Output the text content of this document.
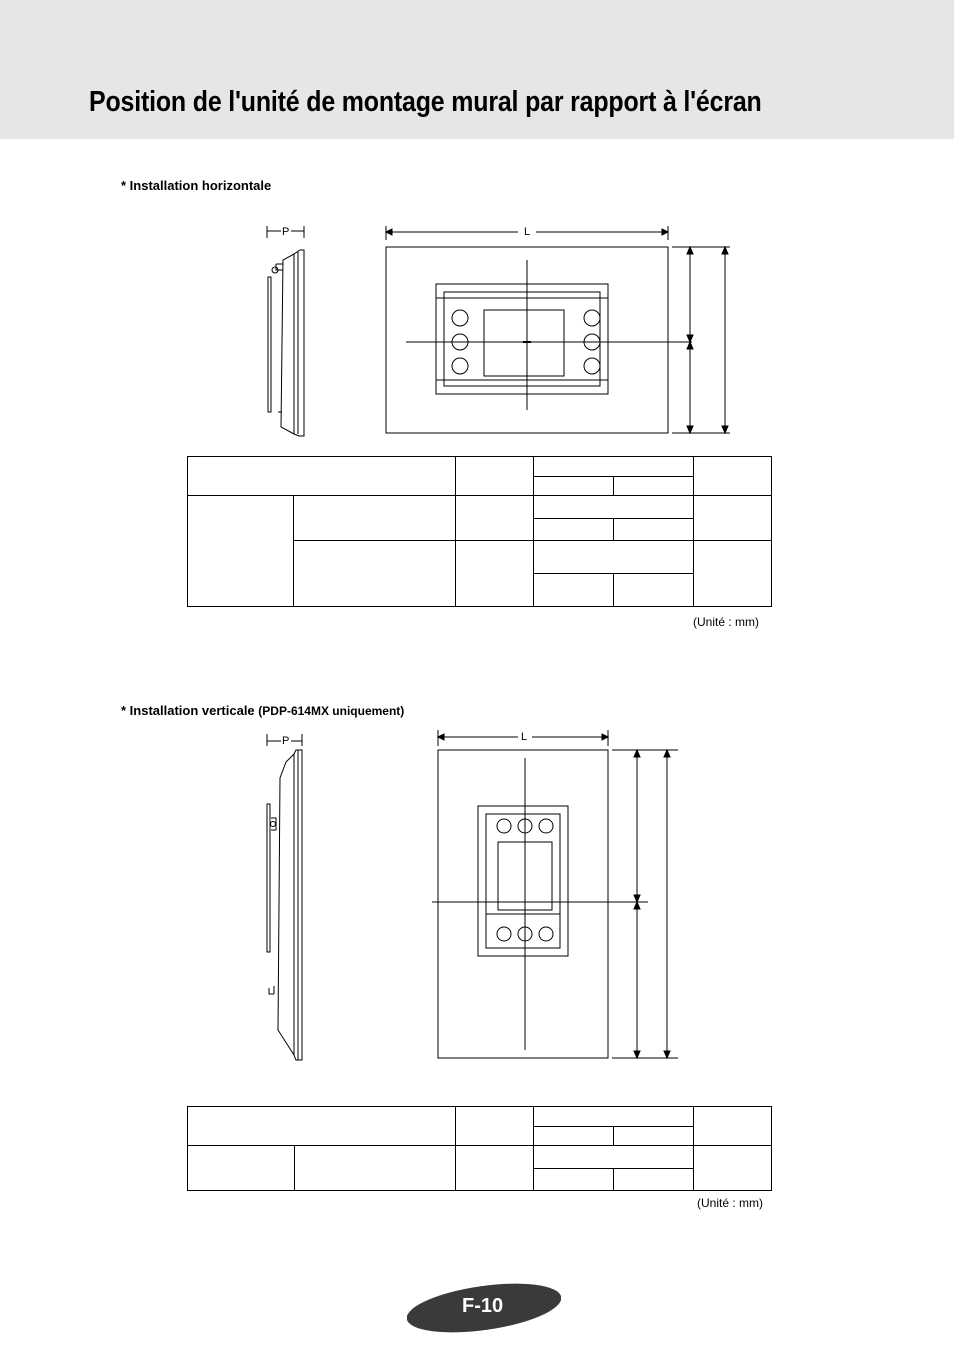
Position de l'unité de montage mural par rapport à l'écran
* Installation horizontale
P	L

(Unité : mm)
* Installation verticale (PDP-614MX uniquement)
P	L

(Unité : mm)
F-10
